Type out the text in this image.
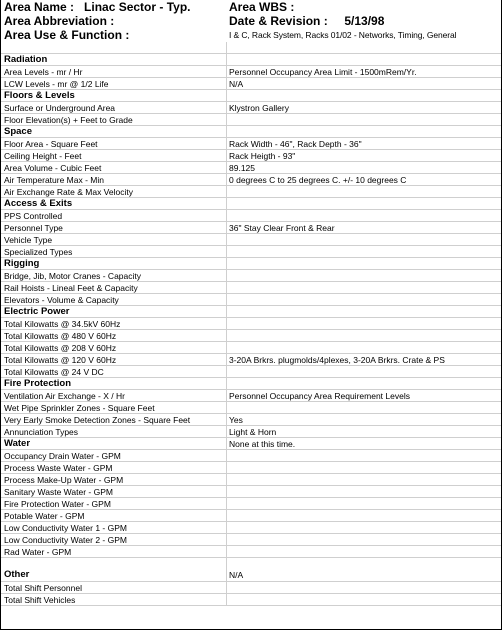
Area Name :   Linac Sector - Typ.	Area WBS :
Area Abbreviation :	Date & Revision :     5/13/98
Area Use & Function :	I & C, Rack System, Racks 01/02 - Networks, Timing, General
Radiation
Area Levels - mr / Hr	Personnel Occupancy Area Limit - 1500mRem/Yr.
LCW Levels - mr @ 1/2 Life	N/A
Floors & Levels
Surface or Underground Area	Klystron Gallery
Floor Elevation(s) + Feet to Grade
Space
Floor Area - Square Feet	Rack Width - 46", Rack Depth - 36"
Ceiling Height - Feet	Rack Heigth - 93"
Area Volume - Cubic Feet	89.125
Air Temperature Max - Min	0 degrees C to 25 degrees C. +/- 10 degrees C
Air Exchange Rate & Max Velocity
Access & Exits
PPS Controlled
Personnel Type	36" Stay Clear Front & Rear
Vehicle Type
Specialized Types
Rigging
Bridge, Jib, Motor Cranes - Capacity
Rail Hoists - Lineal Feet & Capacity
Elevators - Volume & Capacity
Electric Power
Total Kilowatts @ 34.5kV 60Hz
Total Kilowatts @ 480 V 60Hz
Total Kilowatts @ 208 V 60Hz
Total Kilowatts @ 120 V 60Hz	3-20A Brkrs. plugmolds/4plexes, 3-20A Brkrs. Crate & PS
Total Kilowatts @ 24 V DC
Fire Protection
Ventilation Air Exchange - X / Hr	Personnel Occupancy Area Requirement Levels
Wet Pipe Sprinkler Zones - Square Feet
Very Early Smoke Detection Zones - Square Feet	Yes
Annunciation Types	Light & Horn
Water	None at this time.
Occupancy Drain Water - GPM
Process Waste Water - GPM
Process Make-Up Water - GPM
Sanitary Waste Water - GPM
Fire Protection Water - GPM
Potable Water - GPM
Low Conductivity Water 1 - GPM
Low Conductivity Water 2 - GPM
Rad Water - GPM
Other	N/A
Total Shift Personnel
Total Shift Vehicles
